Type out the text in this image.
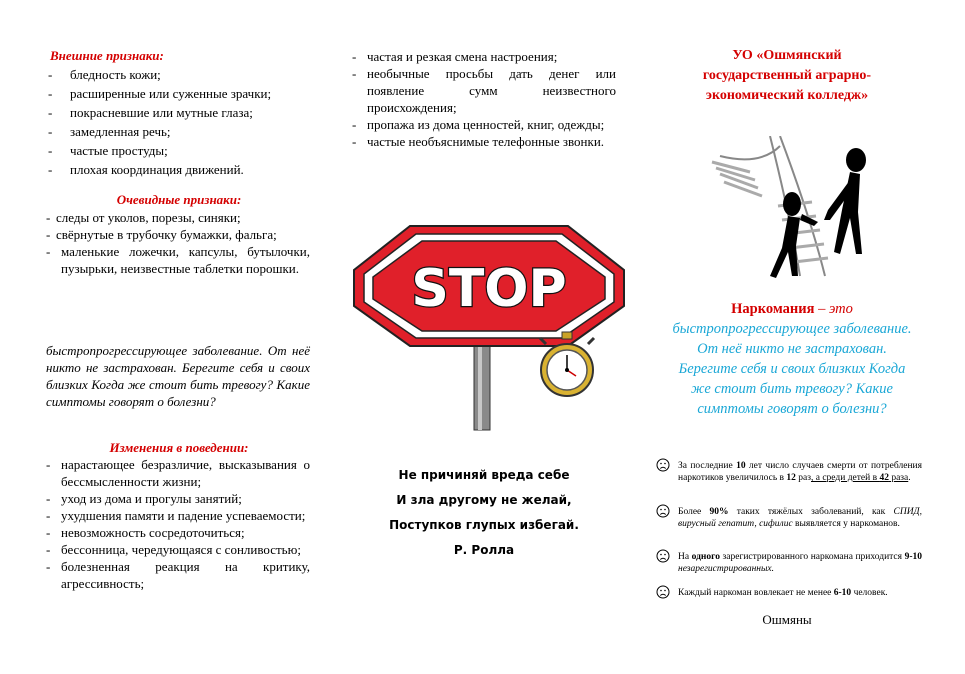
Внешние признаки:
- бледность кожи;
- расширенные или суженные зрачки;
- покрасневшие или мутные глаза;
- замедленная речь;
- частые простуды;
- плохая координация движений.
Очевидные признаки:
- следы от уколов, порезы, синяки;
- свёрнутые в трубочку бумажки, фальга;
- маленькие ложечки, капсулы, бутылочки, пузырьки, неизвестные таблетки порошки.
быстропрогрессирующее заболевание. От неё никто не застрахован. Берегите себя и своих близких Когда же стоит бить тревогу? Какие симптомы говорят о болезни?
Изменения в поведении:
- нарастающее безразличие, высказывания о бессмысленности жизни;
- уход из дома и прогулы занятий;
- ухудшения памяти и падение успеваемости;
- невозможность сосредоточиться;
- бессонница, чередующаяся с сонливостью;
- болезненная реакция на критику, агрессивность;
- частая и резкая смена настроения;
- необычные просьбы дать денег или появление сумм неизвестного происхождения;
- пропажа из дома ценностей, книг, одежды;
- частые необъяснимые телефонные звонки.
STOP

Не причиняй вреда себе

И зла другому не желай,

Поступков глупых избегай.

Р. Ролла

УО «Ошмянский
государственный аграрно-
экономический колледж»
Наркомания – это быстропрогрессирующее заболевание. От неё никто не застрахован. Берегите себя и своих близких Когда же стоит бить тревогу? Какие симптомы говорят о болезни?
За последние 10 лет число случаев смерти от потребления наркотиков увеличилось в 12 раз, а среди детей в 42 раза.
Более 90% таких тяжёлых заболеваний, как СПИД, вирусный гепатит, сифилис выявляется у наркоманов.
На одного зарегистрированного наркомана приходится 9-10 незарегистрированных.
Каждый наркоман вовлекает не менее 6-10 человек.
Ошмяны
